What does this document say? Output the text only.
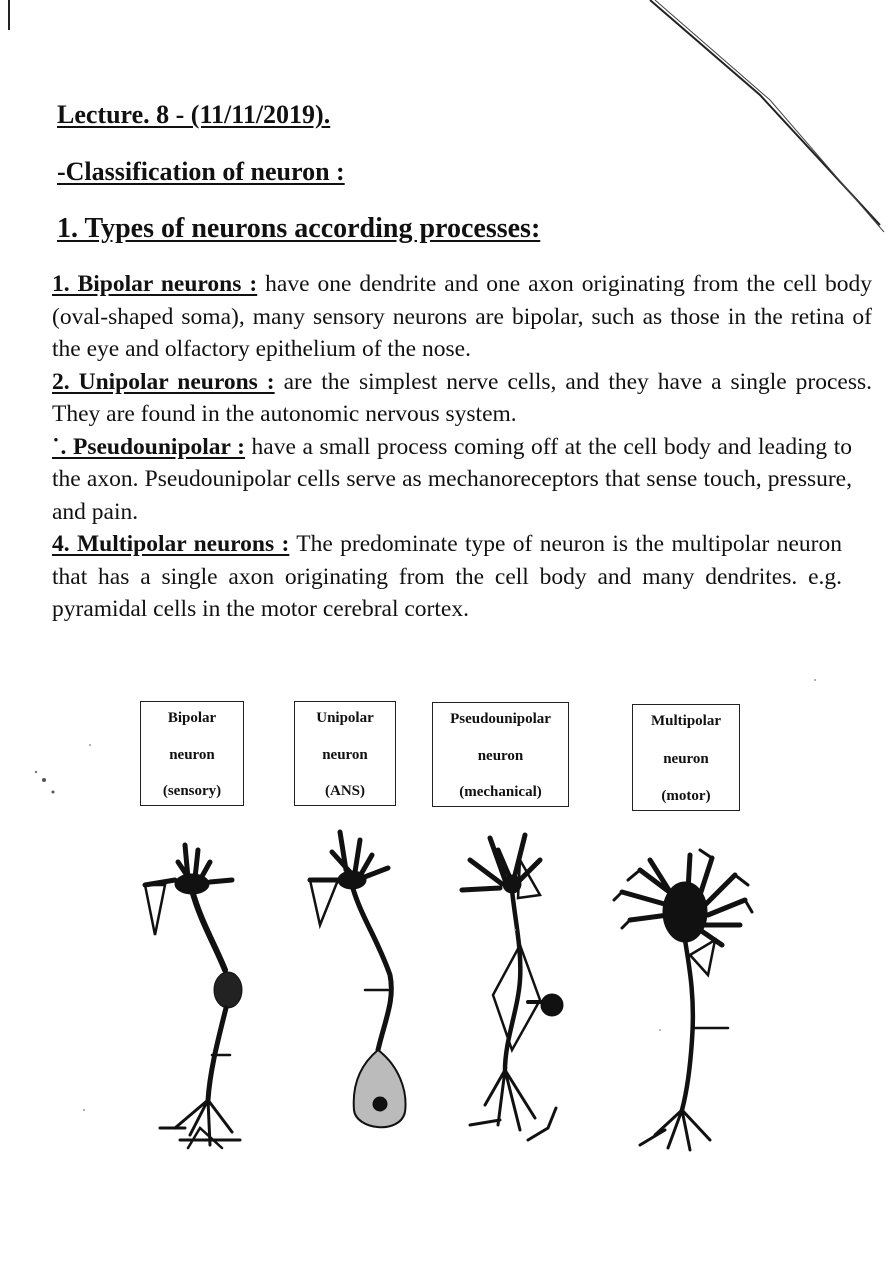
Lecture. 8 - (11/11/2019).
-Classification of neuron :
1. Types of neurons according processes:

1. Bipolar neurons : have one dendrite and one axon originating from the cell body (oval-shaped soma), many sensory neurons are bipolar, such as those in the retina of the eye and olfactory epithelium of the nose.

2. Unipolar neurons : are the simplest nerve cells, and they have a single process. They are found in the autonomic nervous system.

˙. Pseudounipolar : have a small process coming off at the cell body and leading to the axon. Pseudounipolar cells serve as mechanoreceptors that sense touch, pressure, and pain.

4. Multipolar neurons : The predominate type of neuron is the multipolar neuron that has a single axon originating from the cell body and many dendrites. e.g. pyramidal cells in the motor cerebral cortex.

Bipolar
neuron
(sensory)
Unipolar
neuron
(ANS)
Pseudounipolar
neuron
(mechanical)
Multipolar
neuron
(motor)
